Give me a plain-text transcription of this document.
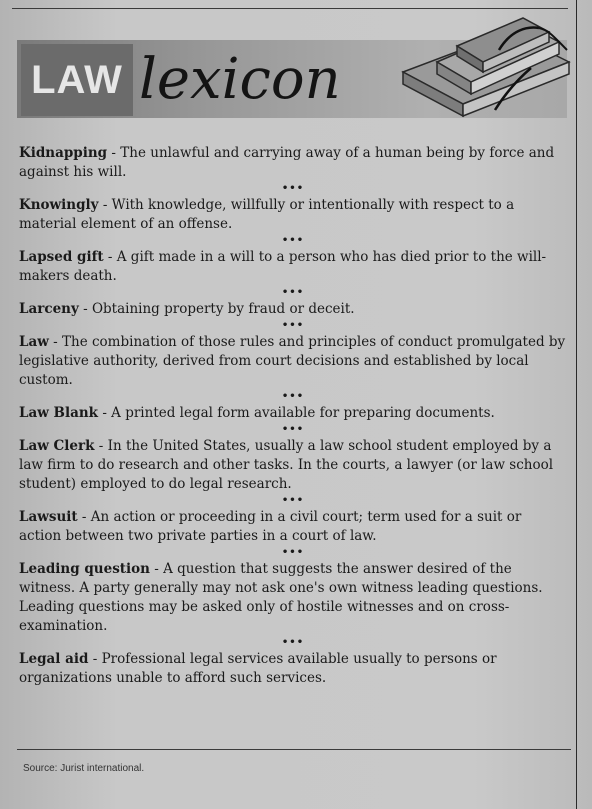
LAW lexicon

Kidnapping - The unlawful and carrying away of a human being by force and against his will.

•••

Knowingly - With knowledge, willfully or intentionally with respect to a material element of an offense.

•••

Lapsed gift - A gift made in a will to a person who has died prior to the will-makers death.

•••

Larceny - Obtaining property by fraud or deceit.

•••

Law - The combination of those rules and principles of conduct promulgated by legislative authority, derived from court decisions and established by local custom.

•••

Law Blank - A printed legal form available for preparing documents.

•••

Law Clerk - In the United States, usually a law school student employed by a law firm to do research and other tasks. In the courts, a lawyer (or law school student) employed to do legal research.

•••

Lawsuit - An action or proceeding in a civil court; term used for a suit or action between two private parties in a court of law.

•••

Leading question - A question that suggests the answer desired of the witness. A party generally may not ask one's own witness leading questions. Leading questions may be asked only of hostile witnesses and on cross-examination.

•••

Legal aid - Professional legal services available usually to persons or organizations unable to afford such services.

Source: Jurist international.
